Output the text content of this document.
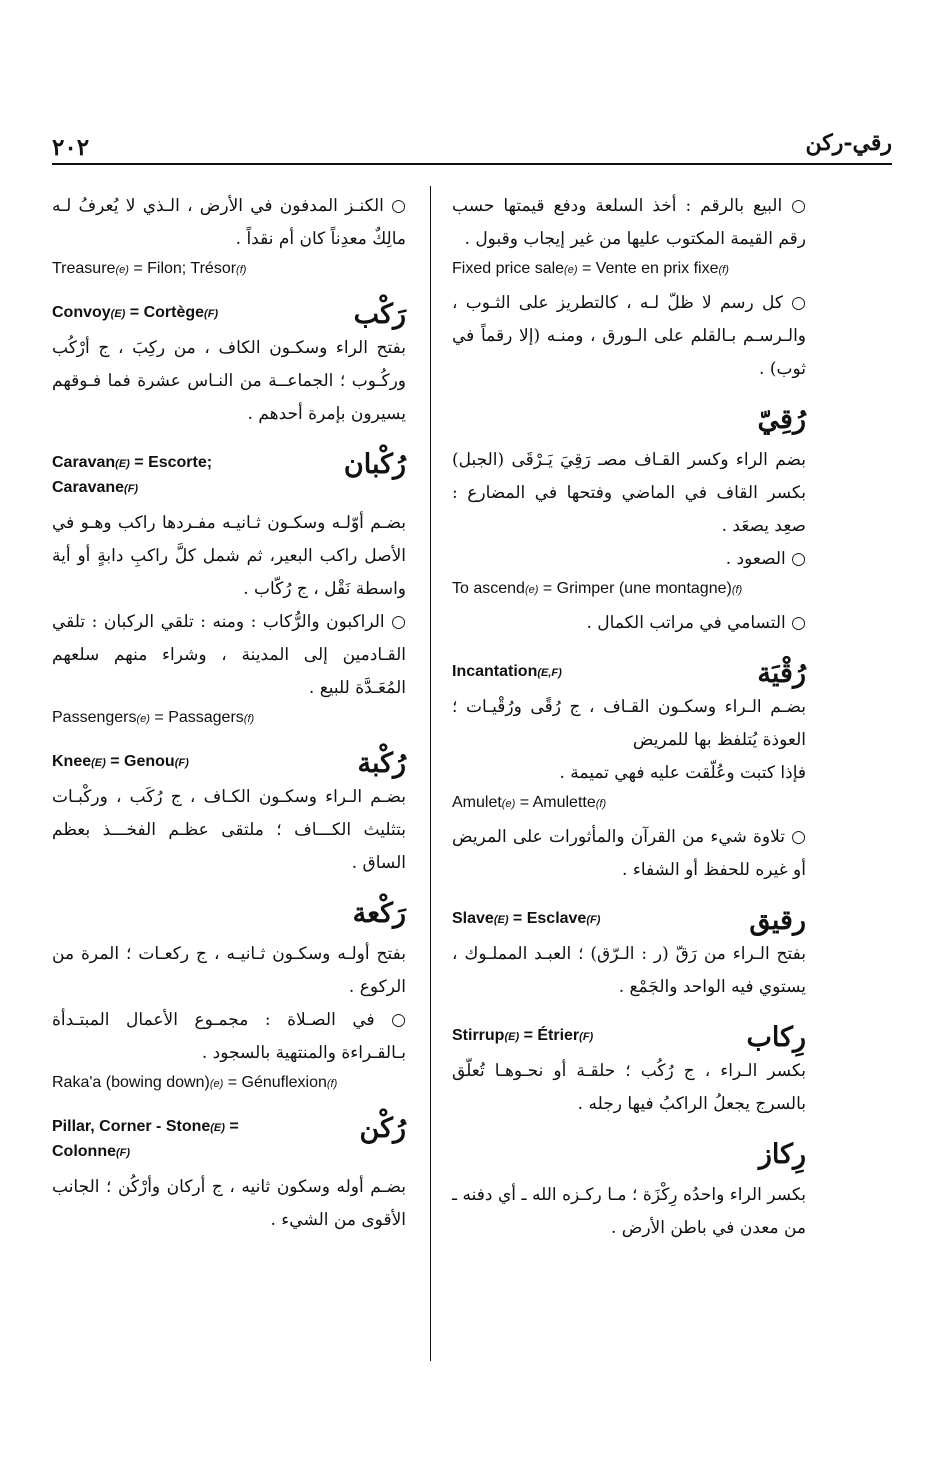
٢٠٢	رقي-ركن

○ البيع بالرقم : أخذ السلعة ودفع قيمتها حسب رقم القيمة المكتوب عليها من غير إيجاب وقبول .

Fixed price sale(e) = Vente en prix fixe(f)

○ كل رسم لا ظلّ لـه ، كالتطريز على الثـوب ، والـرسـم بـالقلم على الـورق ، ومنـه (إلا رقماً في ثوب) .

رُقِيّ

بضم الراء وكسر القـاف مصـ رَقِيَ يَـرْقَى (الجبل) بكسر القاف في الماضي وفتحها في المضارع : صعِد يصعَد .

○ الصعود .

To ascend(e) = Grimper (une montagne)(f)

○ التسامي في مراتب الكمال .

رُقْيَة
Incantation(E,F)

بضـم الـراء وسكـون القـاف ، ج رُقًى ورُقْيـات ؛ العوذة يُتلفظ بها للمريض

فإذا كتبت وعُلّقت عليه فهي تميمة .

Amulet(e) = Amulette(f)

○ تلاوة شيء من القرآن والمأثورات على المريض أو غيره للحفظ أو الشفاء .

رقيق
Slave(E) = Esclave(F)

بفتح الـراء من رَقّ (ر : الـرّق) ؛ العبـد المملـوك ، يستوي فيه الواحد والجَمْع .

رِكاب
Stirrup(E) = Étrier(F)

بكسر الـراء ، ج رُكُب ؛ حلقـة أو نحـوهـا تُعلّق بالسرج يجعلُ الراكبُ فيها رجله .

رِكاز

بكسر الراء واحدُه رِكْزَة ؛ مـا ركـزه الله ـ أي دفنه ـ من معدن في باطن الأرض .

○ الكنـز المدفون في الأرض ، الـذي لا يُعرفُ لـه مالِكٌ معدِناً كان أم نقداً .

Treasure(e) = Filon; Trésor(f)

رَكْب
Convoy(E) = Cortège(F)

بفتح الراء وسكـون الكاف ، من ركِبَ ، ج أرْكُب وركُـوب ؛ الجماعــة من النـاس عشرة فما فـوقهم يسيرون بإمرة أحدهم .

رُكْبان
Caravan(E) = Escorte; Caravane(F)

بضـم أوّلـه وسكـون ثـانيـه مفـردها راكب وهـو في الأصل راكب البعير، ثم شمل كلَّ راكبِ دابةٍ أو أية واسطة نَقْل ، ج رُكّاب .

○ الراكبون والرُّكاب : ومنه : تلقي الركبان : تلقي القـادمين إلى المدينة ، وشراء منهم سلعهم المُعَـدَّة للبيع .

Passengers(e) = Passagers(f)

رُكْبة
Knee(E) = Genou(F)

بضـم الـراء وسكـون الكـاف ، ج رُكَب ، وركْبـات بتثليث الكـــاف ؛ ملتقى عظـم الفخـــذ بعظم الساق .

رَكْعة

بفتح أولـه وسكـون ثـانيـه ، ج ركعـات ؛ المرة من الركوع .

○ في الصـلاة : مجمـوع الأعمال المبتـدأة بـالقـراءة والمنتهية بالسجود .

Raka'a (bowing down)(e) = Génuflexion(f)

رُكْن
Pillar, Corner - Stone(E) = Colonne(F)

بضـم أوله وسكون ثانيه ، ج أركان وأرْكُن ؛ الجانب الأقوى من الشيء .
